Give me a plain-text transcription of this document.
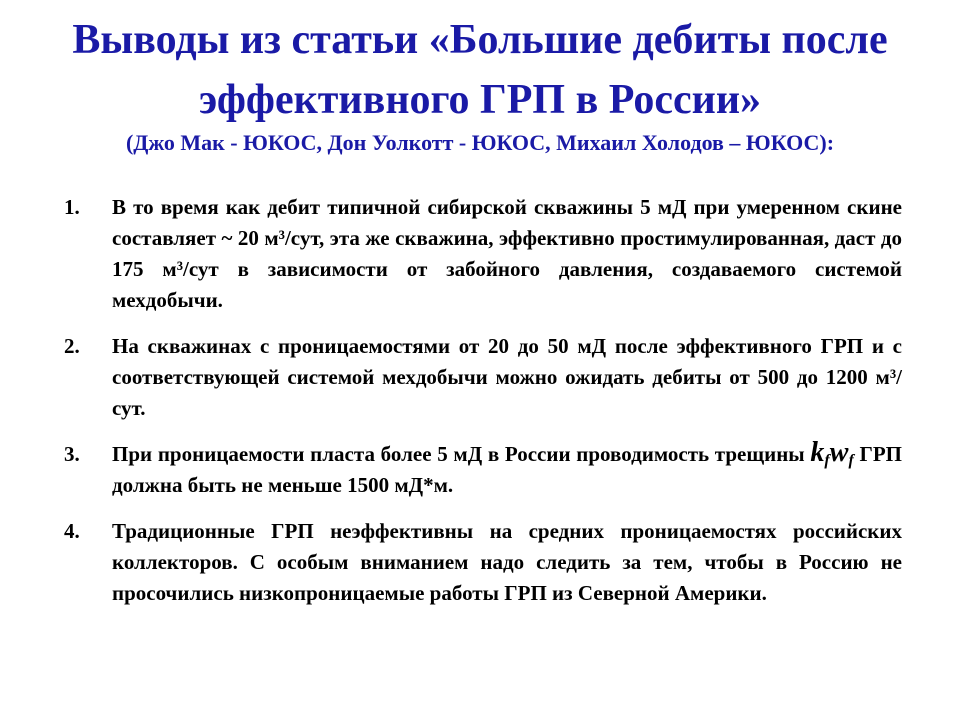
Выводы из статьи «Большие дебиты после эффективного ГРП в России»

(Джо Мак - ЮКОС, Дон Уолкотт - ЮКОС, Михаил Холодов – ЮКОС):

1. В то время как дебит типичной сибирской скважины 5 мД при умеренном скине составляет ~ 20 м³/сут, эта же скважина, эффективно простимулированная, даст до 175 м³/сут в зависимости от забойного давления, создаваемого системой мехдобычи.
2. На скважинах с проницаемостями от 20 до 50 мД после эффективного ГРП и с соответствующей системой мехдобычи можно ожидать дебиты от 500 до 1200 м³/сут.
3. При проницаемости пласта более 5 мД в России проводимость трещины $k_fw_f$ ГРП должна быть не меньше 1500 мД*м.
4. Традиционные ГРП неэффективны на средних проницаемостях российских коллекторов. С особым вниманием надо следить за тем, чтобы в Россию не просочились низкопроницаемые работы ГРП из Северной Америки.
